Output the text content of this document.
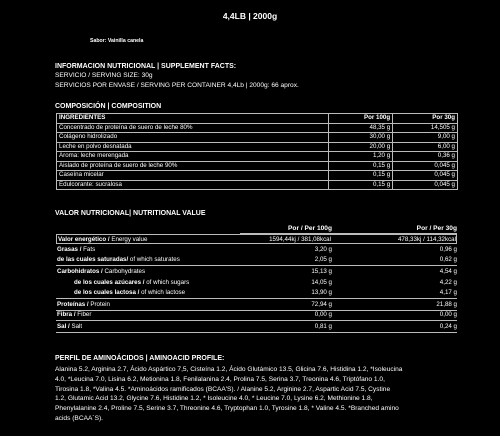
4,4LB | 2000g
Sabor: Vainilla canela
INFORMACION NUTRICIONAL | SUPPLEMENT FACTS:
SERVICIO / SERVING SIZE: 30g
SERVICIOS POR ENVASE / SERVING PER CONTAINER 4,4Lb | 2000g: 66 aprox.
COMPOSICIÓN | COMPOSITION
INGREDIENTES	Por 100g	Por 30g
Concentrado de proteína de suero de leche 80%	48,35 g	14,505 g
Colágeno hidrolizado	30,00 g	9,00 g
Leche en polvo desnatada	20,00 g	6,00 g
Aroma: leche merengada	1,20 g	0,36 g
Aislado de proteína de suero de leche 90%	0,15 g	0,045 g
Caseína micelar	0,15 g	0,045 g
Edulcorante: sucralosa	0,15 g	0,045 g
VALOR NUTRICIONAL| NUTRITIONAL VALUE
Por / Per 100g	Por / Per 30g
Valor energético / Energy value	1594,44kj / 381,08kcal	478,33kj / 114,32kcal
Grasas / Fats	3,20 g	0,96 g
de las cuales saturadas/ of which saturates	2,05 g	0,62 g
Carbohidratos / Carbohydrates	15,13 g	4,54 g
de los cuales azúcares / of which sugars	14,05 g	4,22 g
de los cuales lactosa / of which lactose	13,90 g	4,17 g
Proteínas / Protein	72,94 g	21,88 g
Fibra / Fiber	0,00 g	0,00 g
Sal / Salt	0,81 g	0,24 g
PERFIL DE AMINOÁCIDOS | AMINOACID PROFILE:
Alanina 5.2, Arginina 2.7, Ácido Aspártico 7,5, Cisteína 1.2, Ácido Glutámico 13.5, Glicina 7.6, Histidina 1.2, *Isoleucina
4.0, *Leucina 7.0, Lisina 6.2, Metionina 1.8, Fenilalanina 2.4, Prolina 7.5, Serina 3.7, Treonina 4.6, Triptófano 1.0,
Tirosina 1.8, *Valina 4.5. *Aminoácidos ramificados (BCAA'S). / Alanine 5.2, Arginine 2.7, Aspartic Acid 7.5, Cystine
1.2, Glutamic Acid 13.2, Glycine 7.6, Histidine 1.2, * Isoleucine 4.0, * Leucine 7.0, Lysine 6.2, Methionine 1.8,
Phenylalanine 2.4, Proline 7.5, Serine 3.7, Threonine 4.6, Tryptophan 1.0, Tyrosine 1.8, * Valine 4.5. *Branched amino
acids (BCAA´S).
